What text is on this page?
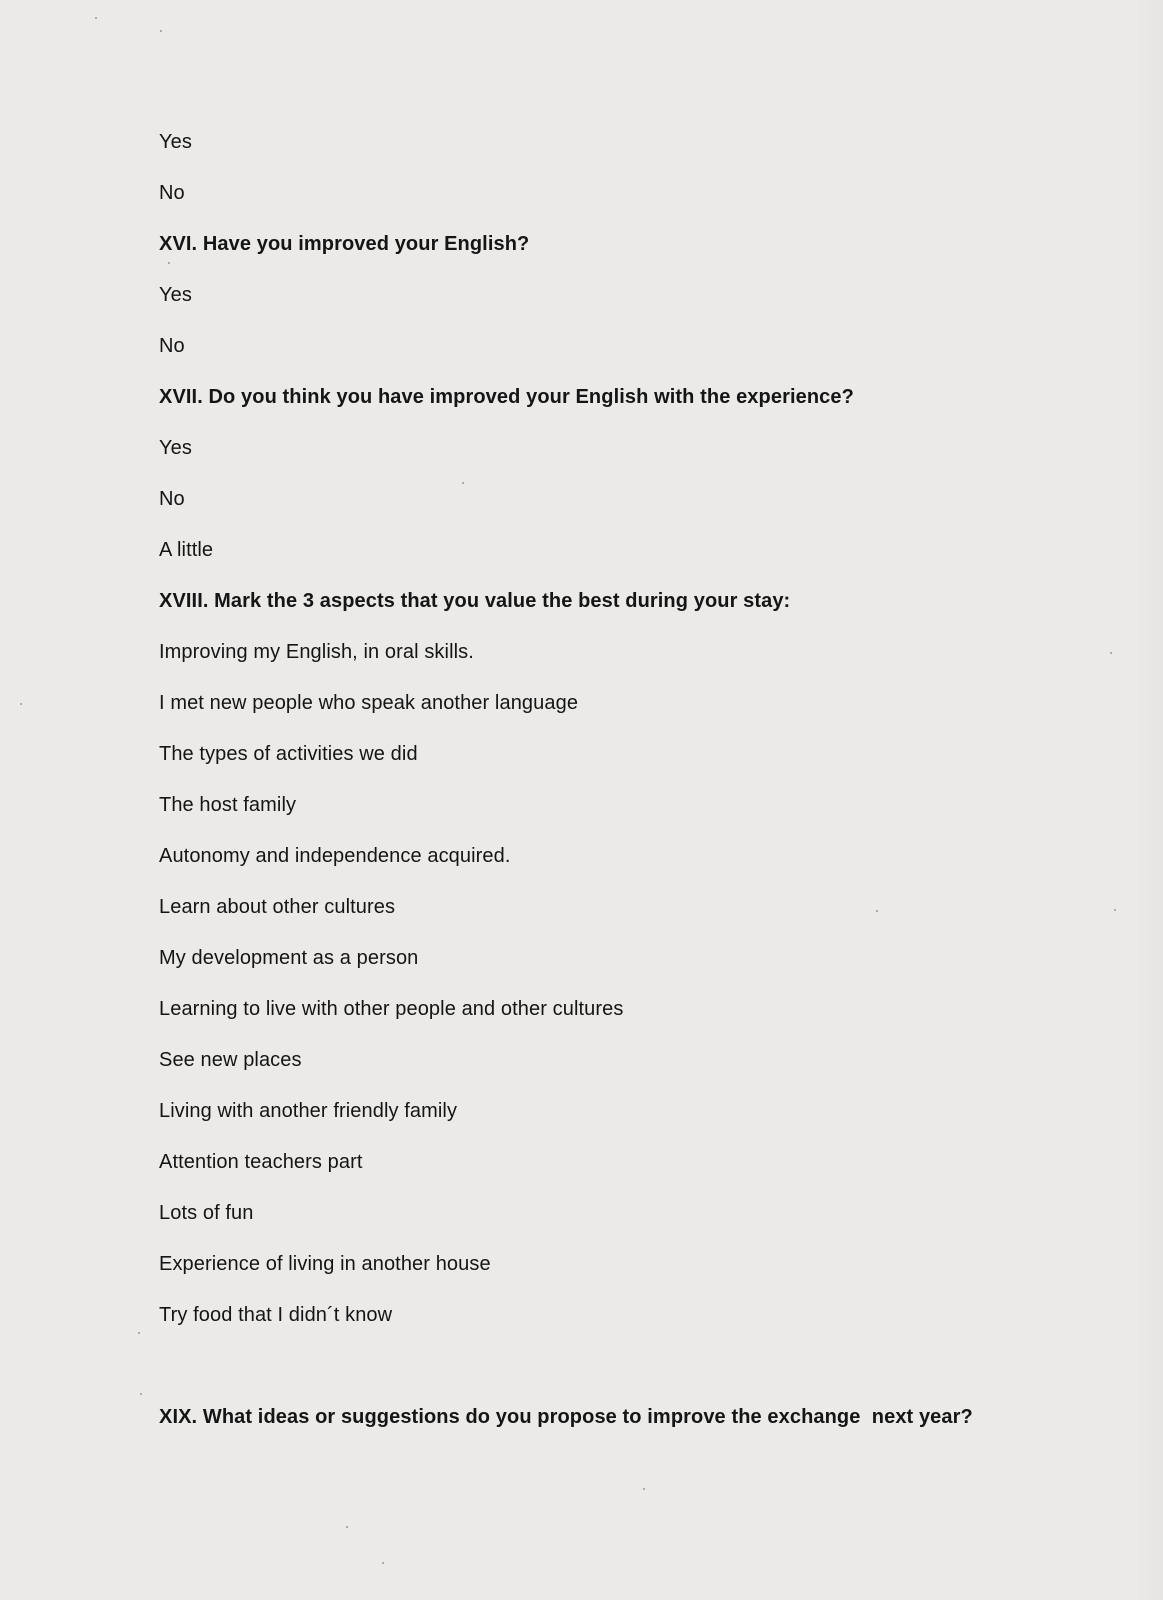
Yes
No
XVI. Have you improved your English?
Yes
No
XVII. Do you think you have improved your English with the experience?
Yes
No
A little
XVIII. Mark the 3 aspects that you value the best during your stay:
Improving my English, in oral skills.
I met new people who speak another language
The types of activities we did
The host family
Autonomy and independence acquired.
Learn about other cultures
My development as a person
Learning to live with other people and other cultures
See new places
Living with another friendly family
Attention teachers part
Lots of fun
Experience of living in another house
Try food that I didn´t know
XIX. What ideas or suggestions do you propose to improve the exchange  next year?
